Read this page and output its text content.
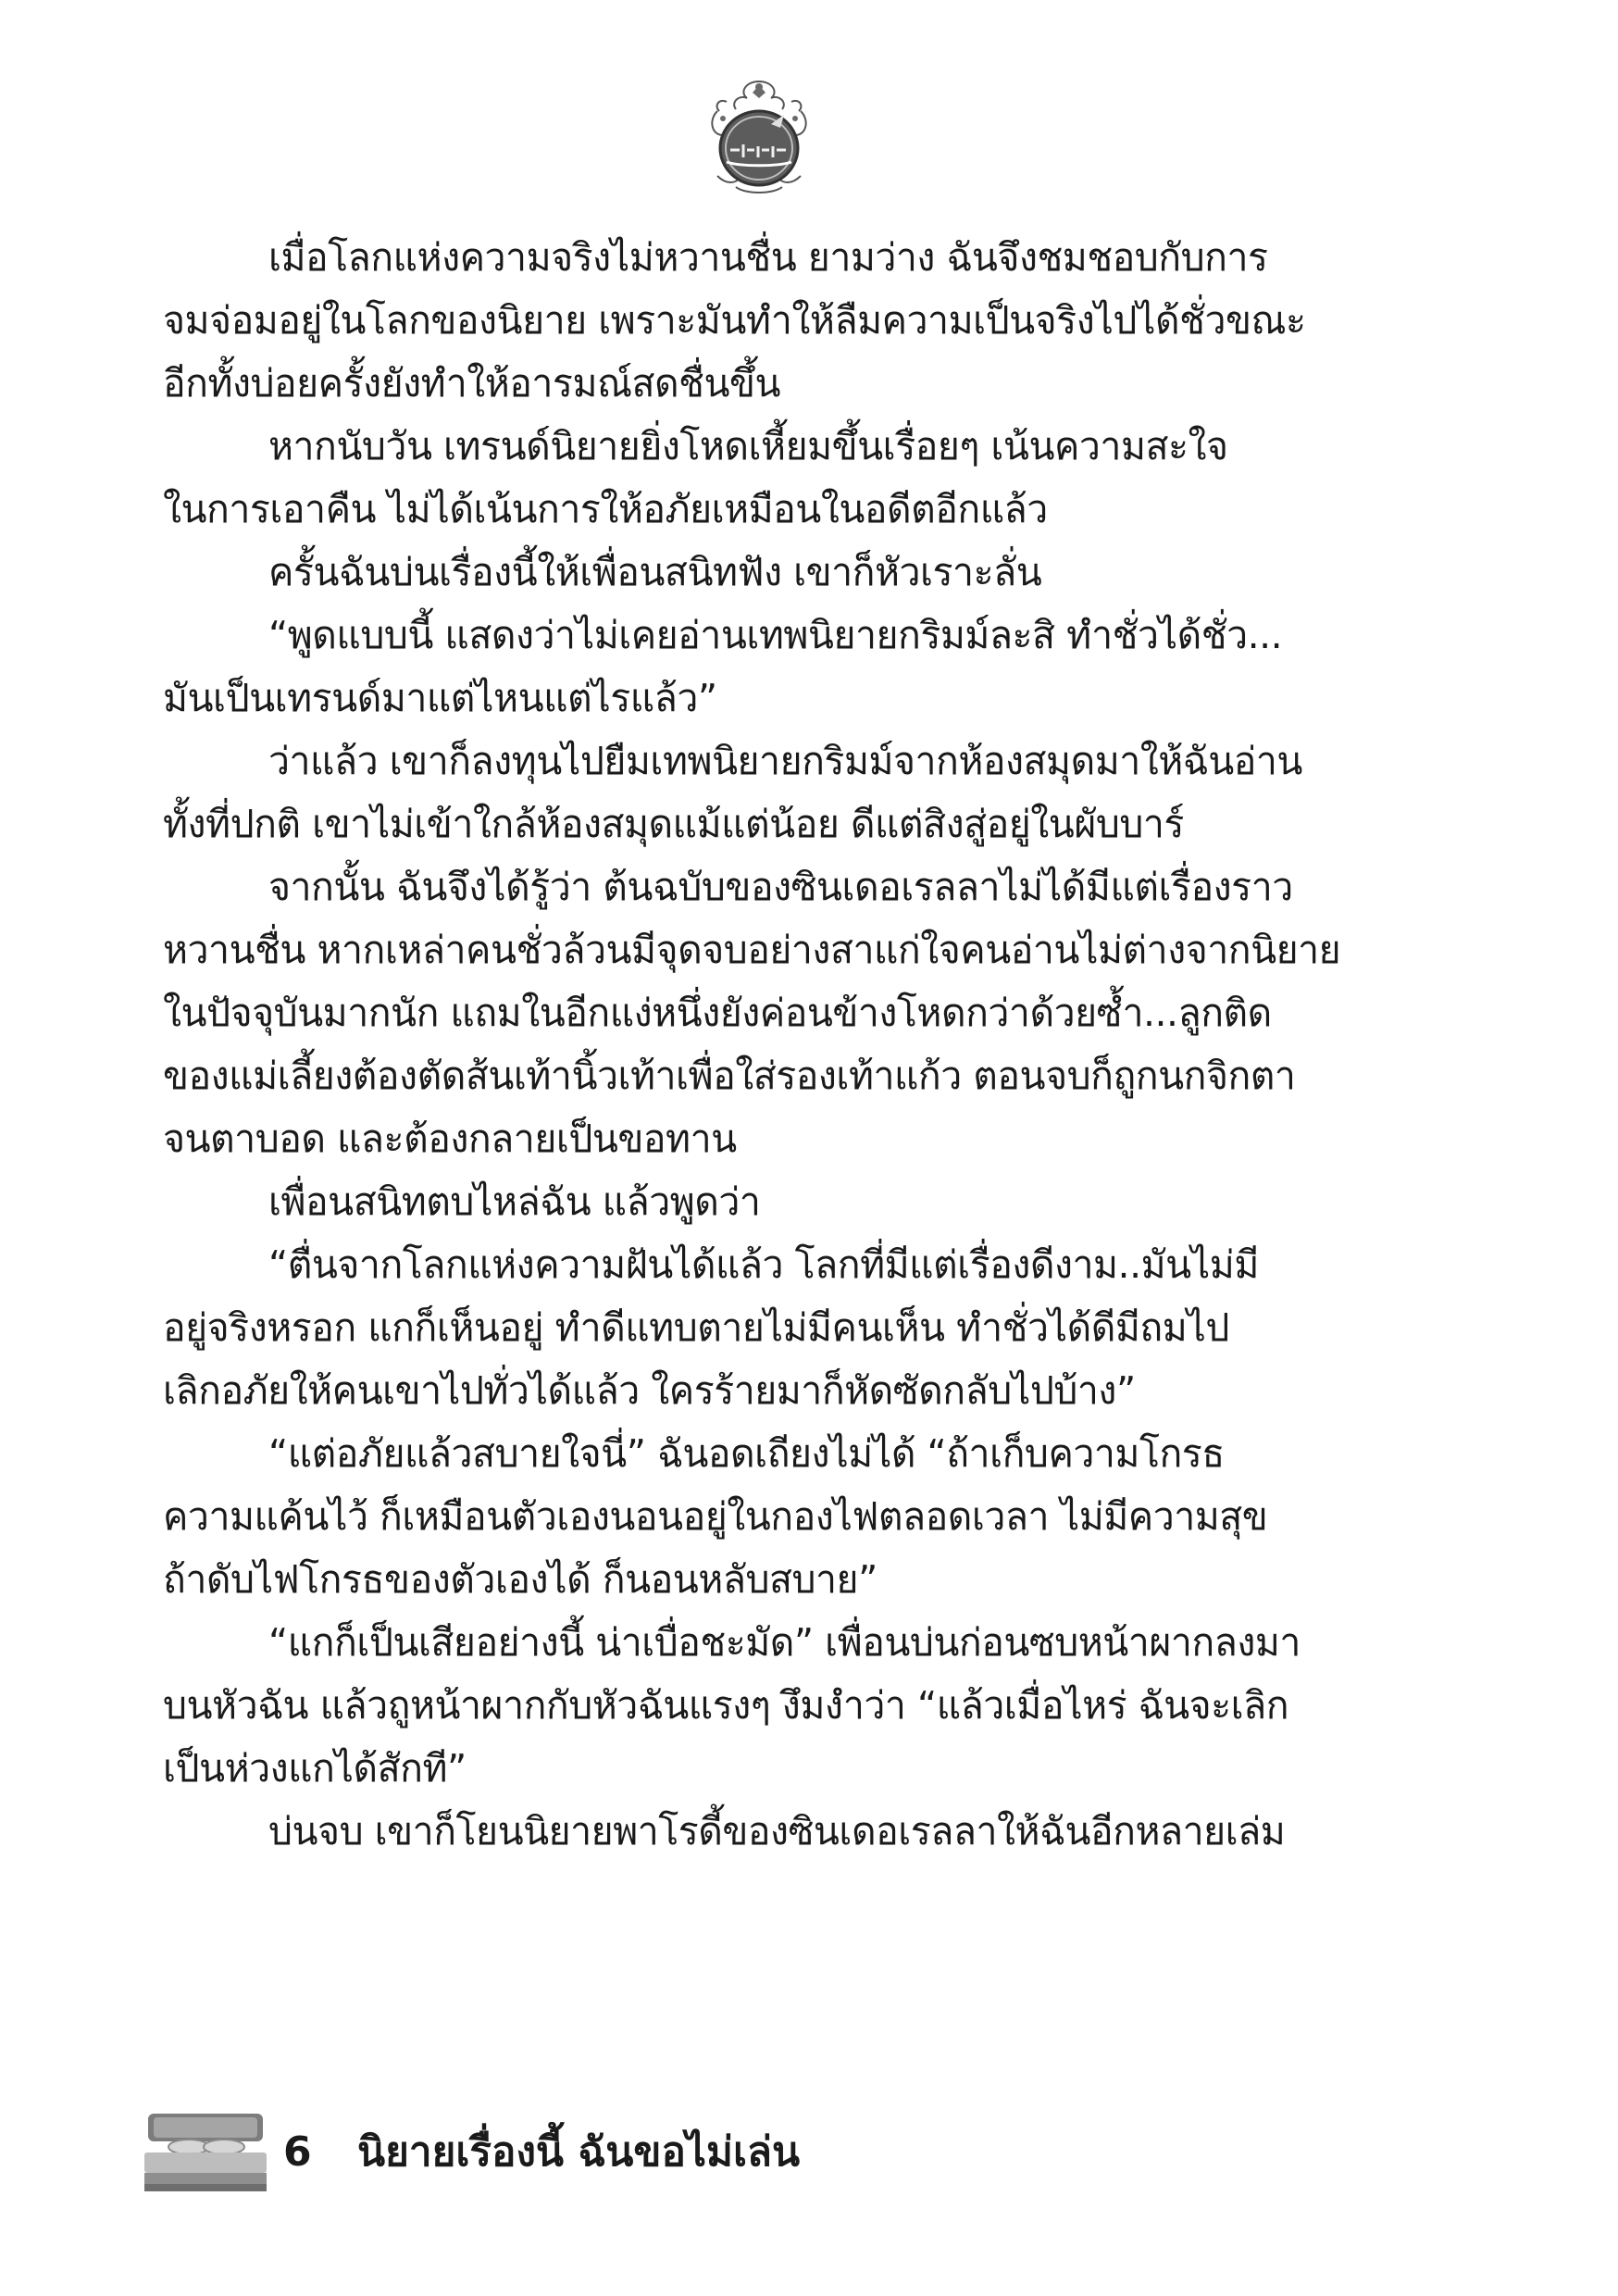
เมื่อโลกแห่งความจริงไม่หวานชื่น ยามว่าง ฉันจึงชมชอบกับการ
จมจ่อมอยู่ในโลกของนิยาย เพราะมันทำให้ลืมความเป็นจริงไปได้ชั่วขณะ
อีกทั้งบ่อยครั้งยังทำให้อารมณ์สดชื่นขึ้น
หากนับวัน เทรนด์นิยายยิ่งโหดเหี้ยมขึ้นเรื่อยๆ เน้นความสะใจ
ในการเอาคืน ไม่ได้เน้นการให้อภัยเหมือนในอดีตอีกแล้ว
ครั้นฉันบ่นเรื่องนี้ให้เพื่อนสนิทฟัง เขาก็หัวเราะลั่น
“พูดแบบนี้ แสดงว่าไม่เคยอ่านเทพนิยายกริมม์ละสิ ทำชั่วได้ชั่ว...
มันเป็นเทรนด์มาแต่ไหนแต่ไรแล้ว”
ว่าแล้ว เขาก็ลงทุนไปยืมเทพนิยายกริมม์จากห้องสมุดมาให้ฉันอ่าน
ทั้งที่ปกติ เขาไม่เข้าใกล้ห้องสมุดแม้แต่น้อย ดีแต่สิงสู่อยู่ในผับบาร์
จากนั้น ฉันจึงได้รู้ว่า ต้นฉบับของซินเดอเรลลาไม่ได้มีแต่เรื่องราว
หวานชื่น หากเหล่าคนชั่วล้วนมีจุดจบอย่างสาแก่ใจคนอ่านไม่ต่างจากนิยาย
ในปัจจุบันมากนัก แถมในอีกแง่หนึ่งยังค่อนข้างโหดกว่าด้วยซ้ำ...ลูกติด
ของแม่เลี้ยงต้องตัดส้นเท้านิ้วเท้าเพื่อใส่รองเท้าแก้ว ตอนจบก็ถูกนกจิกตา
จนตาบอด และต้องกลายเป็นขอทาน
เพื่อนสนิทตบไหล่ฉัน แล้วพูดว่า
“ตื่นจากโลกแห่งความฝันได้แล้ว โลกที่มีแต่เรื่องดีงาม..มันไม่มี
อยู่จริงหรอก แกก็เห็นอยู่ ทำดีแทบตายไม่มีคนเห็น ทำชั่วได้ดีมีถมไป
เลิกอภัยให้คนเขาไปทั่วได้แล้ว ใครร้ายมาก็หัดซัดกลับไปบ้าง”
“แต่อภัยแล้วสบายใจนี่” ฉันอดเถียงไม่ได้ “ถ้าเก็บความโกรธ
ความแค้นไว้ ก็เหมือนตัวเองนอนอยู่ในกองไฟตลอดเวลา ไม่มีความสุข
ถ้าดับไฟโกรธของตัวเองได้ ก็นอนหลับสบาย”
“แกก็เป็นเสียอย่างนี้ น่าเบื่อชะมัด” เพื่อนบ่นก่อนซบหน้าผากลงมา
บนหัวฉัน แล้วถูหน้าผากกับหัวฉันแรงๆ งึมงำว่า “แล้วเมื่อไหร่ ฉันจะเลิก
เป็นห่วงแกได้สักที”
บ่นจบ เขาก็โยนนิยายพาโรดี้ของซินเดอเรลลาให้ฉันอีกหลายเล่ม
6 นิยายเรื่องนี้ ฉันขอไม่เล่น
